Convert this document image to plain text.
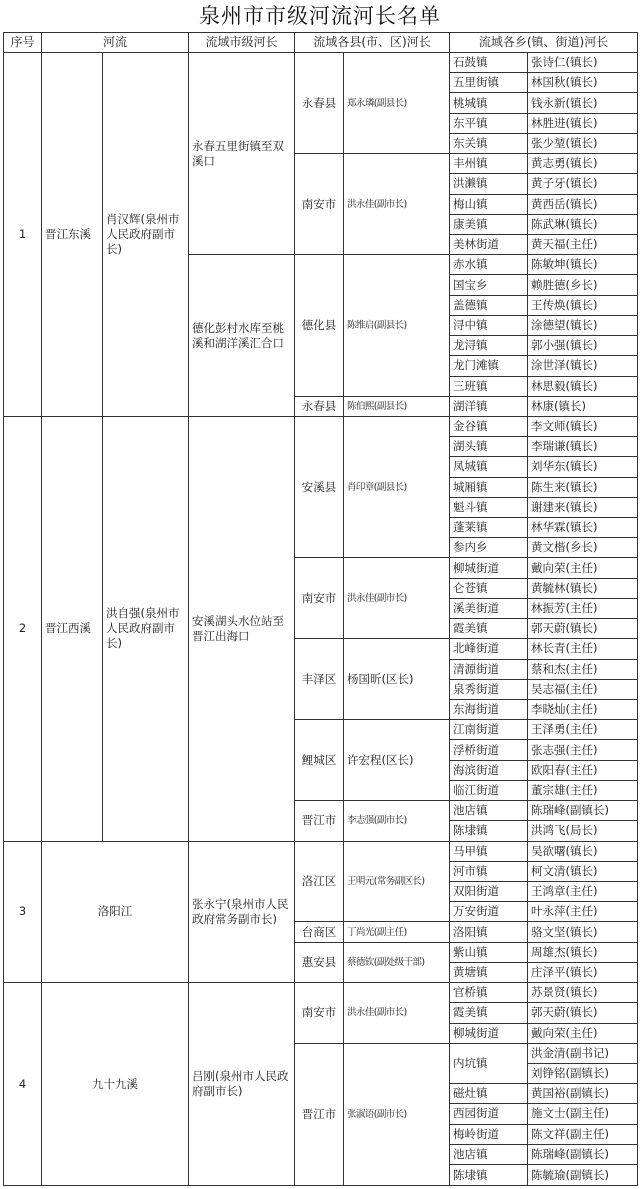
泉州市市级河流河长名单
序号	河流		流域市级河长	流域各县(市、区)河长		流域各乡(镇、街道)河长	
1	晋江东溪	肖汉辉(泉州市人民政府副市长)	永春五里街镇至双溪口	永春县	郑永璘(副县长)	石鼓镇	张诗仁(镇长)
						五里街镇	林国秋(镇长)
						桃城镇	钱永新(镇长)
						东平镇	林胜进(镇长)
						东关镇	张少堃(镇长)
				南安市	洪永佳(副市长)	丰州镇	黄志勇(镇长)
						洪濑镇	黄子牙(镇长)
						梅山镇	黄西岳(镇长)
						康美镇	陈武琳(镇长)
						美林街道	黄天福(主任)
			德化彭村水库至桃溪和湖洋溪汇合口	德化县	陈维启(副县长)	赤水镇	陈敏坤(镇长)
						国宝乡	赖胜德(乡长)
						盖德镇	王传焕(镇长)
						浔中镇	涂德望(镇长)
						龙浔镇	郭小强(镇长)
						龙门滩镇	涂世泽(镇长)
						三班镇	林思毅(镇长)
				永春县	陈伯熙(副县长)	湖洋镇	林康(镇长)
2	晋江西溪	洪自强(泉州市人民政府副市长)	安溪湖头水位站至晋江出海口	安溪县	肖印章(副县长)	金谷镇	李文师(镇长)
						湖头镇	李瑞谦(镇长)
						凤城镇	刘华东(镇长)
						城厢镇	陈生来(镇长)
						魁斗镇	谢建来(镇长)
						蓬莱镇	林华霖(镇长)
						参内乡	黄文楷(乡长)
				南安市	洪永佳(副市长)	柳城街道	戴向荣(主任)
						仑苍镇	黄毓林(镇长)
						溪美街道	林振芳(主任)
						霞美镇	郭天蔚(镇长)
				丰泽区	杨国昕(区长)	北峰街道	林长青(主任)
						清源街道	蔡和杰(主任)
						泉秀街道	吴志福(主任)
						东海街道	李晓灿(主任)
				鲤城区	许宏程(区长)	江南街道	王泽勇(主任)
						浮桥街道	张志强(主任)
						海滨街道	欧阳春(主任)
						临江街道	董宗雄(主任)
				晋江市	李志强(副市长)	池店镇	陈瑞峰(副镇长)
						陈埭镇	洪鸿飞(局长)
3	洛阳江		张永宁(泉州市人民政府常务副市长)	洛江区	王明元(常务副区长)	马甲镇	吴欲曙(镇长)
						河市镇	柯文清(镇长)
						双阳街道	王鸿章(主任)
						万安街道	叶永萍(主任)
				台商区	丁尚光(副主任)	洛阳镇	骆文坚(镇长)
				惠安县	蔡德钦(副处级干部)	紫山镇	周雄杰(镇长)
						黄塘镇	庄泽平(镇长)
4	九十九溪		吕刚(泉州市人民政府副市长)	南安市	洪永佳(副市长)	官桥镇	苏景贤(镇长)
						霞美镇	郭天蔚(镇长)
						柳城街道	戴向荣(主任)
				晋江市	张淑语(副市长)	内坑镇	洪金清(副书记)
							刘铮铭(副镇长)
						磁灶镇	黄国裕(副镇长)
						西园街道	施文士(副主任)
						梅岭街道	陈文祥(副主任)
						池店镇	陈瑞峰(副镇长)
						陈埭镇	陈毓瑜(副镇长)
